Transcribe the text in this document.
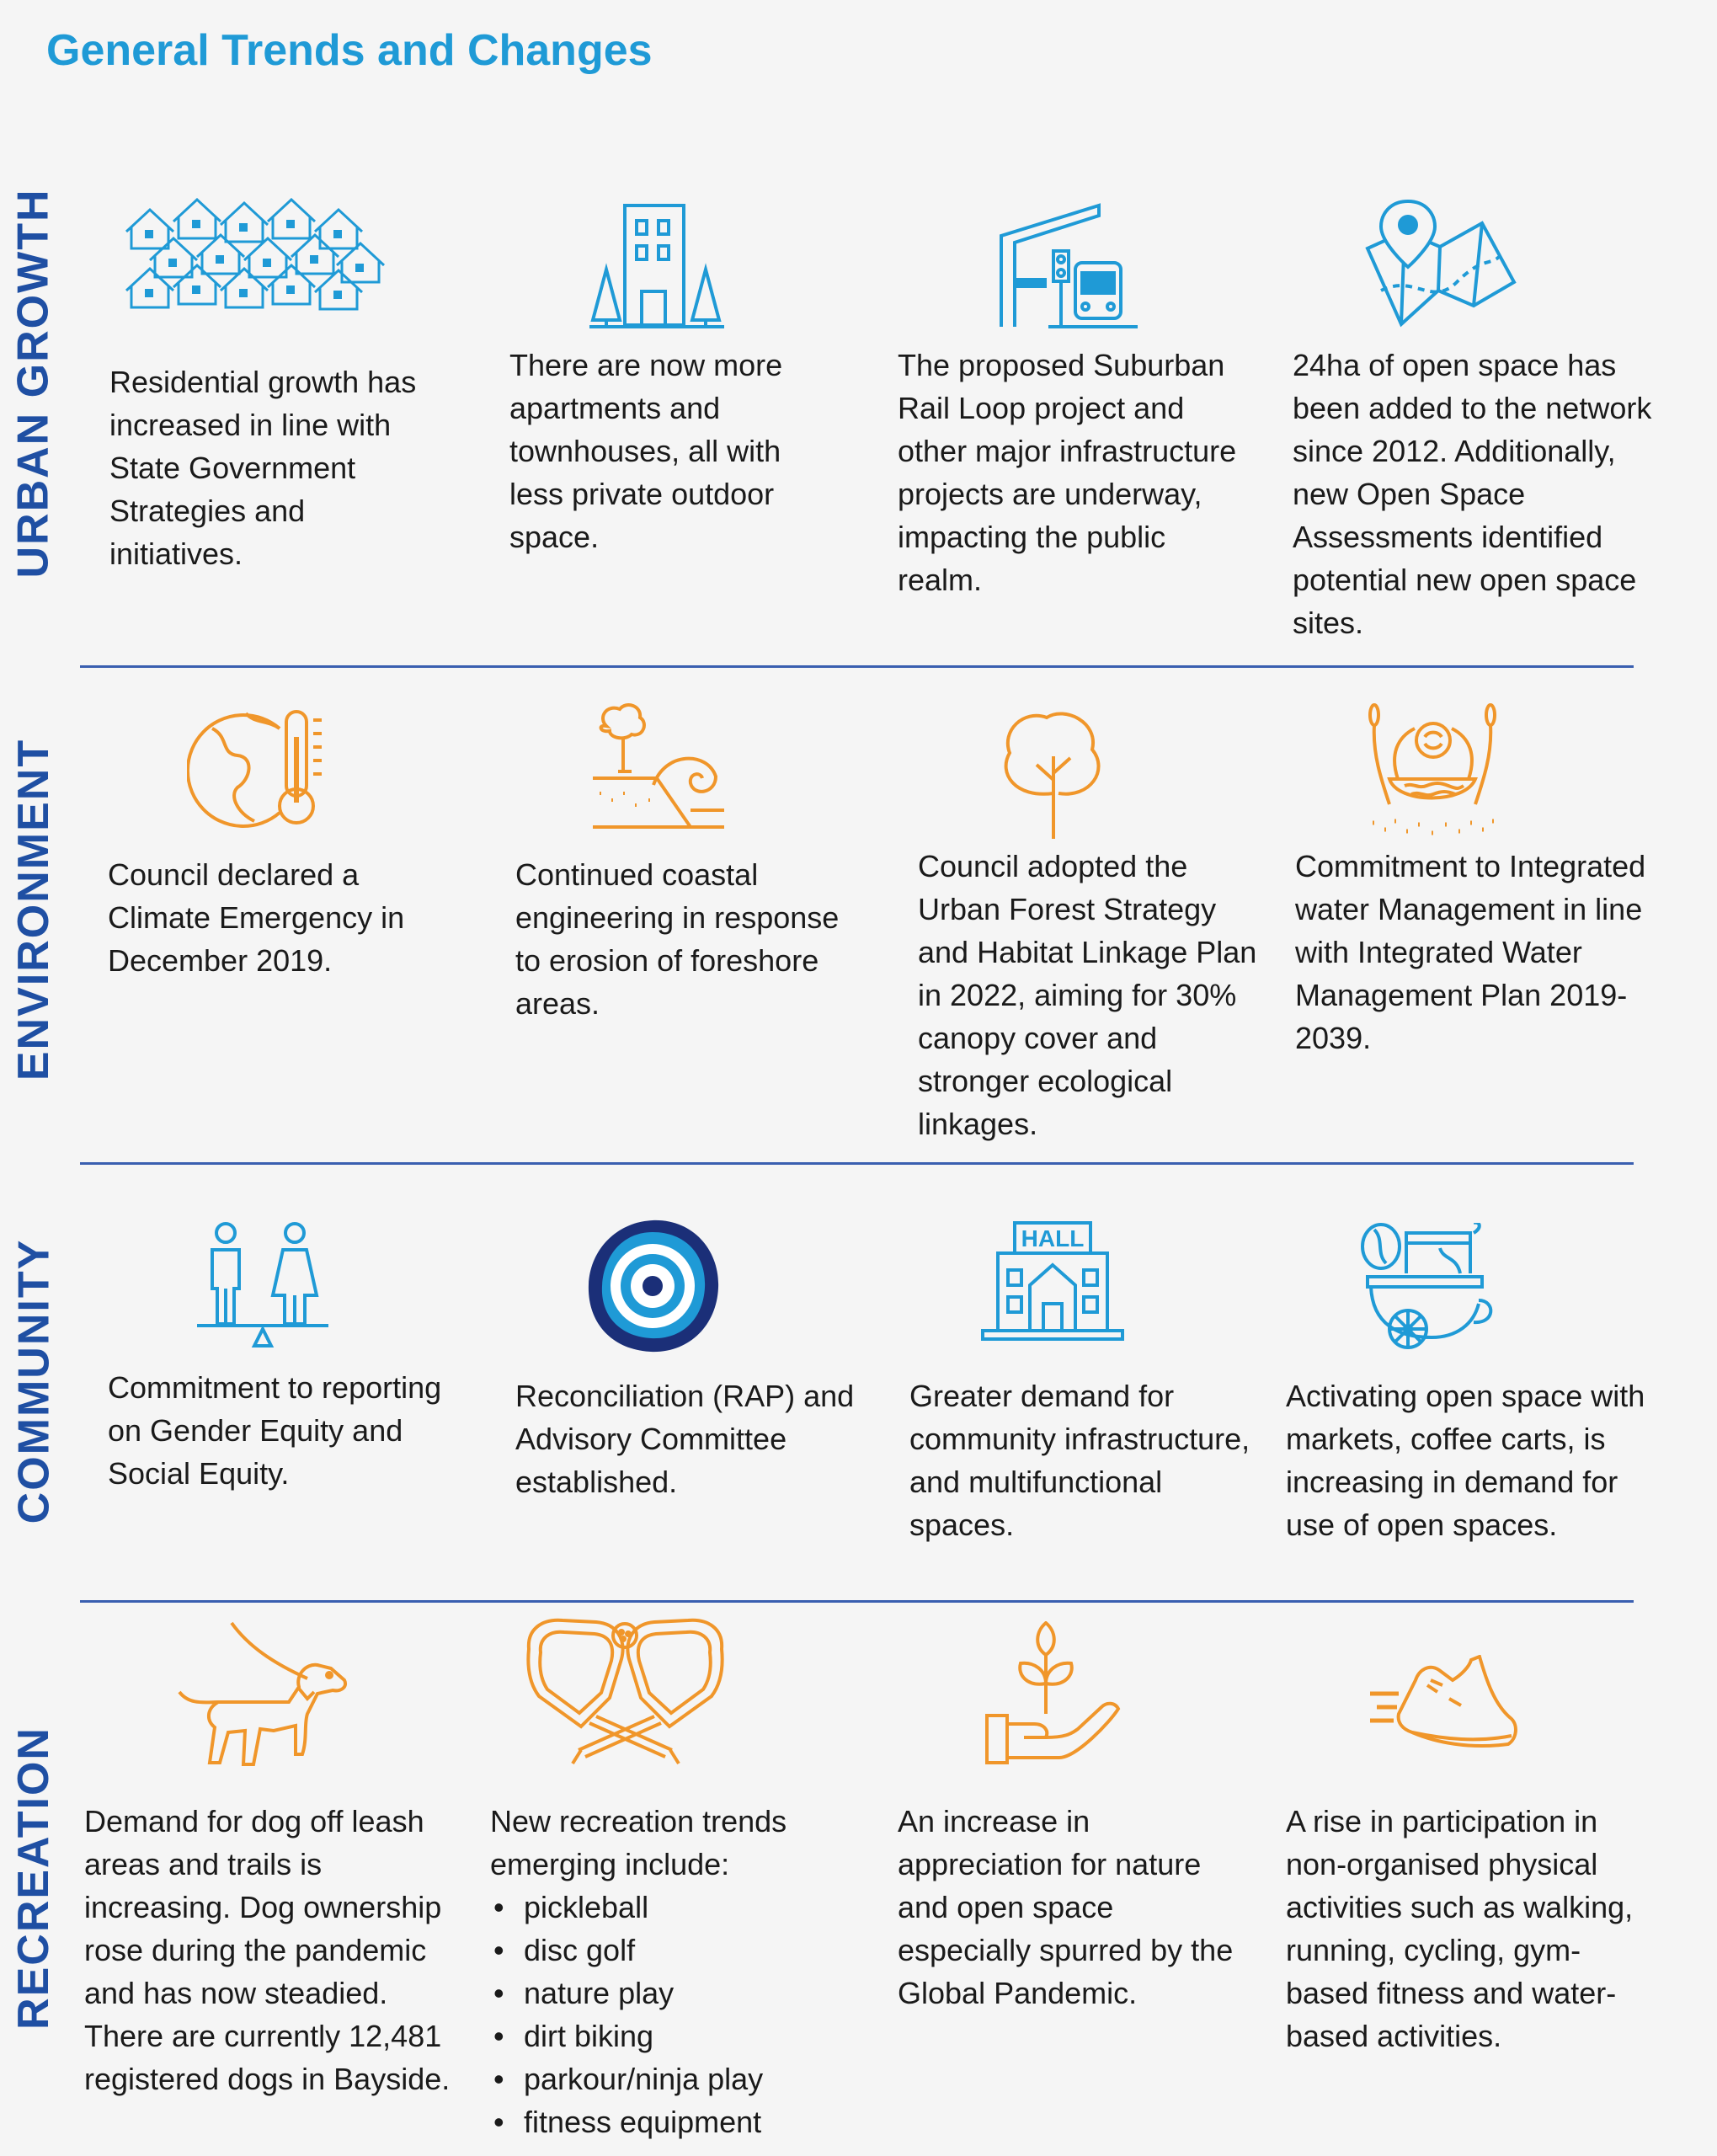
General Trends and Changes
URBAN GROWTH Residential growth has increased in line with State Government Strategies and initiatives.
There are now more apartments and townhouses, all with less private outdoor space.
The proposed Suburban Rail Loop project and other major infrastructure projects are underway, impacting the public realm.
24ha of open space has been added to the network since 2012. Additionally, new Open Space Assessments identified potential new open space sites.
ENVIRONMENT Council declared a Climate Emergency in December 2019.
Continued coastal engineering in response to erosion of foreshore areas.
Council adopted the Urban Forest Strategy and Habitat Linkage Plan in 2022, aiming for 30% canopy cover and stronger ecological linkages.
Commitment to Integrated water Management in line with Integrated Water Management Plan 2019-2039.
COMMUNITY Commitment to reporting on Gender Equity and Social Equity.
Reconciliation (RAP) and Advisory Committee established.
HALL
Greater demand for community infrastructure, and multifunctional spaces.
Activating open space with markets, coffee carts, is increasing in demand for use of open spaces.
RECREATION Demand for dog off leash areas and trails is increasing. Dog ownership rose during the pandemic and has now steadied. There are currently 12,481 registered dogs in Bayside.

New recreation trends emerging include:

• pickleball
• disc golf
• nature play
• dirt biking
• parkour/ninja play
• fitness equipment
An increase in appreciation for nature and open space especially spurred by the Global Pandemic.
A rise in participation in non-organised physical activities such as walking, running, cycling, gym-based fitness and water-based activities.
